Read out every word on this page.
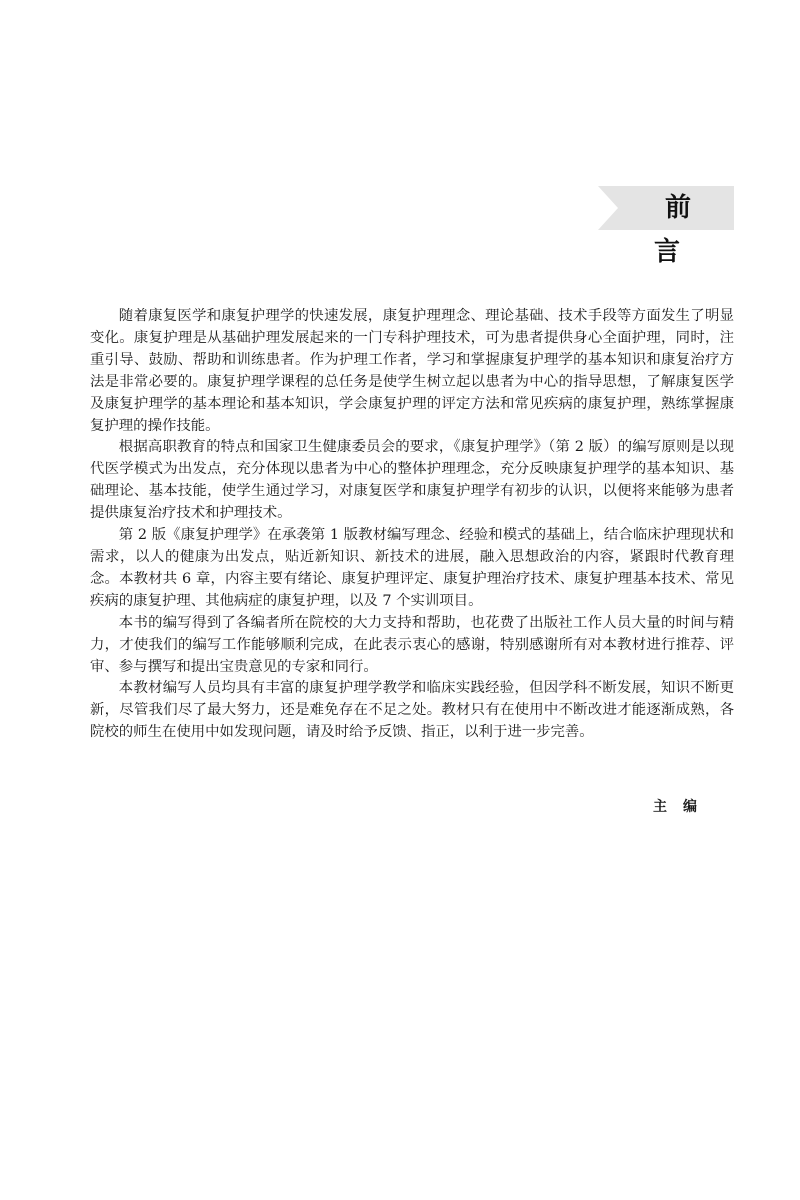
前言

随着康复医学和康复护理学的快速发展，康复护理理念、理论基础、技术手段等方面发生了明显变化。康复护理是从基础护理发展起来的一门专科护理技术，可为患者提供身心全面护理，同时，注重引导、鼓励、帮助和训练患者。作为护理工作者，学习和掌握康复护理学的基本知识和康复治疗方法是非常必要的。康复护理学课程的总任务是使学生树立起以患者为中心的指导思想，了解康复医学及康复护理学的基本理论和基本知识，学会康复护理的评定方法和常见疾病的康复护理，熟练掌握康复护理的操作技能。

根据高职教育的特点和国家卫生健康委员会的要求，《康复护理学》（第 2 版）的编写原则是以现代医学模式为出发点，充分体现以患者为中心的整体护理理念，充分反映康复护理学的基本知识、基础理论、基本技能，使学生通过学习，对康复医学和康复护理学有初步的认识，以便将来能够为患者提供康复治疗技术和护理技术。

第 2 版《康复护理学》在承袭第 1 版教材编写理念、经验和模式的基础上，结合临床护理现状和需求，以人的健康为出发点，贴近新知识、新技术的进展，融入思想政治的内容，紧跟时代教育理念。本教材共 6 章，内容主要有绪论、康复护理评定、康复护理治疗技术、康复护理基本技术、常见疾病的康复护理、其他病症的康复护理，以及 7 个实训项目。

本书的编写得到了各编者所在院校的大力支持和帮助，也花费了出版社工作人员大量的时间与精力，才使我们的编写工作能够顺利完成，在此表示衷心的感谢，特别感谢所有对本教材进行推荐、评审、参与撰写和提出宝贵意见的专家和同行。

本教材编写人员均具有丰富的康复护理学教学和临床实践经验，但因学科不断发展，知识不断更新，尽管我们尽了最大努力，还是难免存在不足之处。教材只有在使用中不断改进才能逐渐成熟，各院校的师生在使用中如发现问题，请及时给予反馈、指正，以利于进一步完善。

主编
